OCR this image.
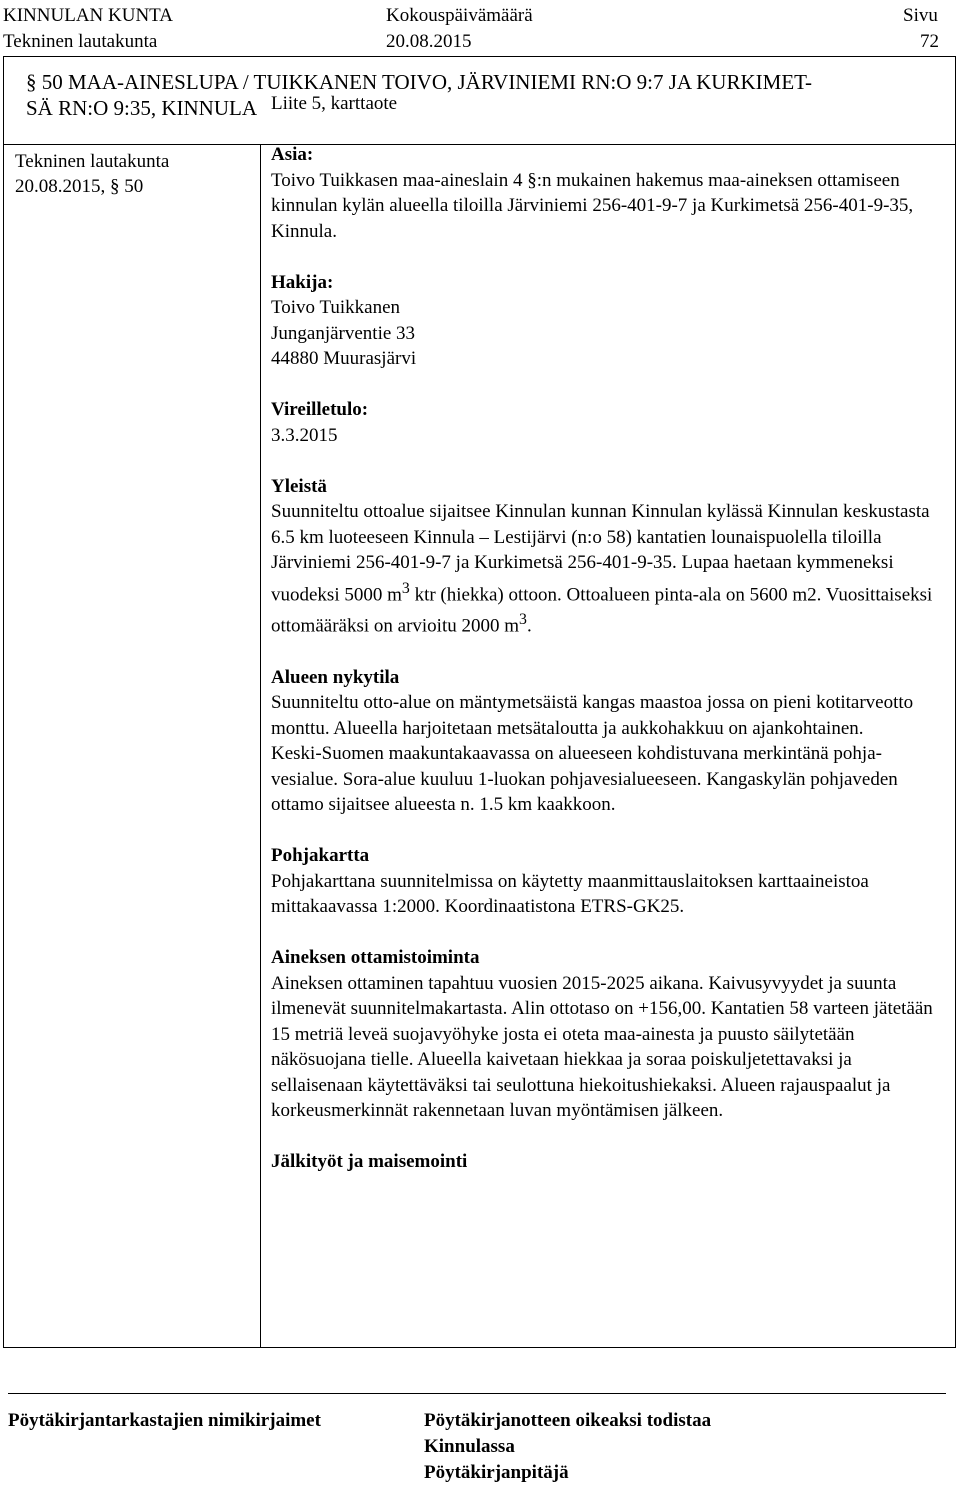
KINNULAN KUNTA
Tekninen lautakunta
Kokouspäivämäärä
20.08.2015
Sivu
72
§ 50 MAA-AINESLUPA / TUIKKANEN TOIVO, JÄRVINIEMI RN:O 9:7 JA KURKIMET-
SÄ RN:O 9:35, KINNULA
Tekninen lautakunta
20.08.2015, § 50

Liite 5, karttaote

Asia:

Toivo Tuikkasen maa-aineslain 4 §:n mukainen hakemus maa-aineksen ottamiseen kinnulan kylän alueella tiloilla Järviniemi 256-401-9-7 ja Kurkimetsä 256-401-9-35, Kinnula.

Hakija:

Toivo Tuikkanen

Junganjärventie 33

44880 Muurasjärvi

Vireilletulo:

3.3.2015

Yleistä

Suunniteltu ottoalue sijaitsee Kinnulan kunnan Kinnulan kylässä Kinnulan keskustasta 6.5 km luoteeseen Kinnula – Lestijärvi (n:o 58) kantatien lounaispuolella tiloilla Järviniemi 256-401-9-7 ja Kurkimetsä 256-401-9-35. Lupaa haetaan kymmeneksi vuodeksi 5000 $m^3$ ktr (hiekka) ottoon. Ottoalueen pinta-ala on 5600 m2. Vuosittaiseksi ottomääräksi on arvioitu 2000 $m^3$.

Alueen nykytila

Suunniteltu otto-alue on mäntymetsäistä kangas maastoa jossa on pieni kotitarveotto monttu. Alueella harjoitetaan metsätaloutta ja aukkohakkuu on ajankohtainen.

Keski-Suomen maakuntakaavassa on alueeseen kohdistuvana merkintänä pohja-vesialue. Sora-alue kuuluu 1-luokan pohjavesialueeseen. Kangaskylän pohjaveden ottamo sijaitsee alueesta n. 1.5 km kaakkoon.

Pohjakartta

Pohjakarttana suunnitelmissa on käytetty maanmittauslaitoksen karttaaineistoa mittakaavassa 1:2000. Koordinaatistona ETRS-GK25.

Aineksen ottamistoiminta

Aineksen ottaminen tapahtuu vuosien 2015-2025 aikana. Kaivusyvyydet ja suunta ilmenevät suunnitelmakartasta. Alin ottotaso on +156,00. Kantatien 58 varteen jätetään 15 metriä leveä suojavyöhyke josta ei oteta maa-ainesta ja puusto säilytetään näkösuojana tielle. Alueella kaivetaan hiekkaa ja soraa poiskuljetettavaksi ja sellaisenaan käytettäväksi tai seulottuna hiekoitushiekaksi. Alueen rajauspaalut ja korkeusmerkinnät rakennetaan luvan myöntämisen jälkeen.

Jälkityöt ja maisemointi

Pöytäkirjantarkastajien nimikirjaimet	Pöytäkirjanotteen oikeaksi todistaa
Kinnulassa
Pöytäkirjanpitäjä
